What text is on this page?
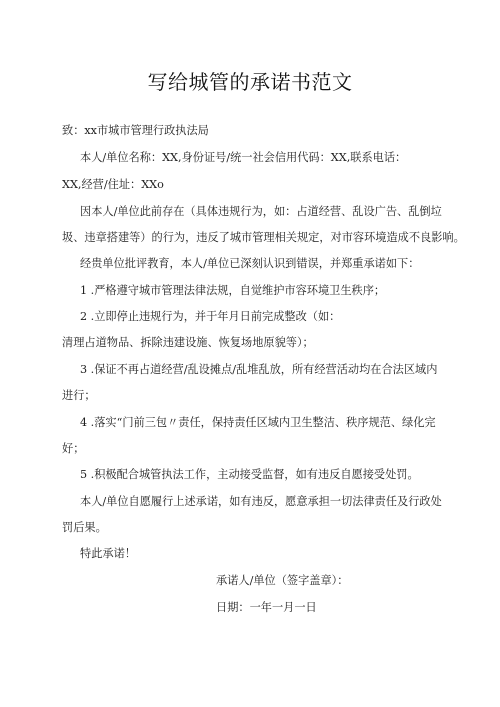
写给城管的承诺书范文
致：xx市城市管理行政执法局
本人/单位名称：XX,身份证号/统一社会信用代码：XX,联系电话：
XX,经营/住址：XXo
因本人/单位此前存在（具体违规行为，如：占道经营、乱设广告、乱倒垃
圾、违章搭建等）的行为，违反了城市管理相关规定，对市容环境造成不良影响。
经贵单位批评教育，本人/单位已深刻认识到错误，并郑重承诺如下：
1 .严格遵守城市管理法律法规，自觉维护市容环境卫生秩序；
2 .立即停止违规行为，并于年月日前完成整改（如：
清理占道物品、拆除违建设施、恢复场地原貌等）；
3 .保证不再占道经营/乱设摊点/乱堆乱放，所有经营活动均在合法区域内
进行；
4 .落实“门前三包〃责任，保持责任区域内卫生整洁、秩序规范、绿化完
好；
5 .积极配合城管执法工作，主动接受监督，如有违反自愿接受处罚。
本人/单位自愿履行上述承诺，如有违反，愿意承担一切法律责任及行政处
罚后果。
特此承诺！
承诺人/单位（签字盖章）：
日期：一年一月一日
